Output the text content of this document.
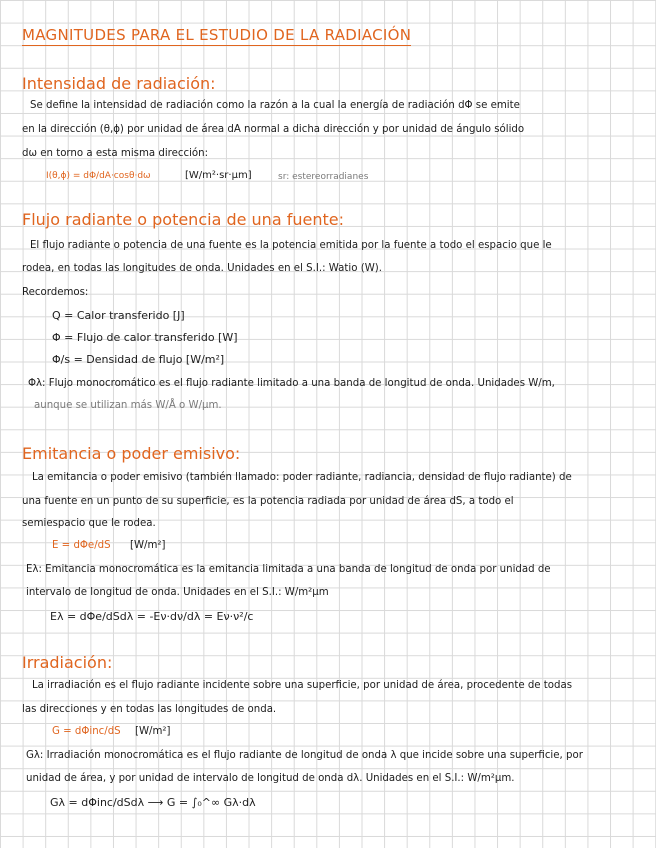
MAGNITUDES PARA EL ESTUDIO DE LA RADIACIÓN
Intensidad de radiación:
Se define la intensidad de radiación como la razón a la cual la energía de radiación dΦ se emite
en la dirección (θ,ϕ) por unidad de área dA normal a dicha dirección y por unidad de ángulo sólido
dω en torno a esta misma dirección:
I(θ,ϕ) = dΦ/dA·cosθ·dω	[W/m²·sr·μm]	sr: estereorradianes
Flujo radiante o potencia de una fuente:
El flujo radiante o potencia de una fuente es la potencia emitida por la fuente a todo el espacio que le
rodea, en todas las longitudes de onda. Unidades en el S.I.: Watio (W).
Recordemos:
Q = Calor transferido [J]
Φ = Flujo de calor transferido [W]
Φ/s = Densidad de flujo [W/m²]
Φλ: Flujo monocromático es el flujo radiante limitado a una banda de longitud de onda. Unidades W/m,
aunque se utilizan más W/Å o W/μm.
Emitancia o poder emisivo:
La emitancia o poder emisivo (también llamado: poder radiante, radiancia, densidad de flujo radiante) de
una fuente en un punto de su superficie, es la potencia radiada por unidad de área dS, a todo el
semiespacio que le rodea.
E = dΦe/dS [W/m²]
Eλ: Emitancia monocromática es la emitancia limitada a una banda de longitud de onda por unidad de
intervalo de longitud de onda. Unidades en el S.I.: W/m²μm
Eλ = dΦe/dSdλ = -Eν·dν/dλ = Eν·ν²/c
Irradiación:
La irradiación es el flujo radiante incidente sobre una superficie, por unidad de área, procedente de todas
las direcciones y en todas las longitudes de onda.
G = dΦinc/dS [W/m²]
Gλ: Irradiación monocromática es el flujo radiante de longitud de onda λ que incide sobre una superficie, por
unidad de área, y por unidad de intervalo de longitud de onda dλ. Unidades en el S.I.: W/m²μm.
Gλ = dΦinc/dSdλ ⟶ G = ∫₀^∞ Gλ·dλ
